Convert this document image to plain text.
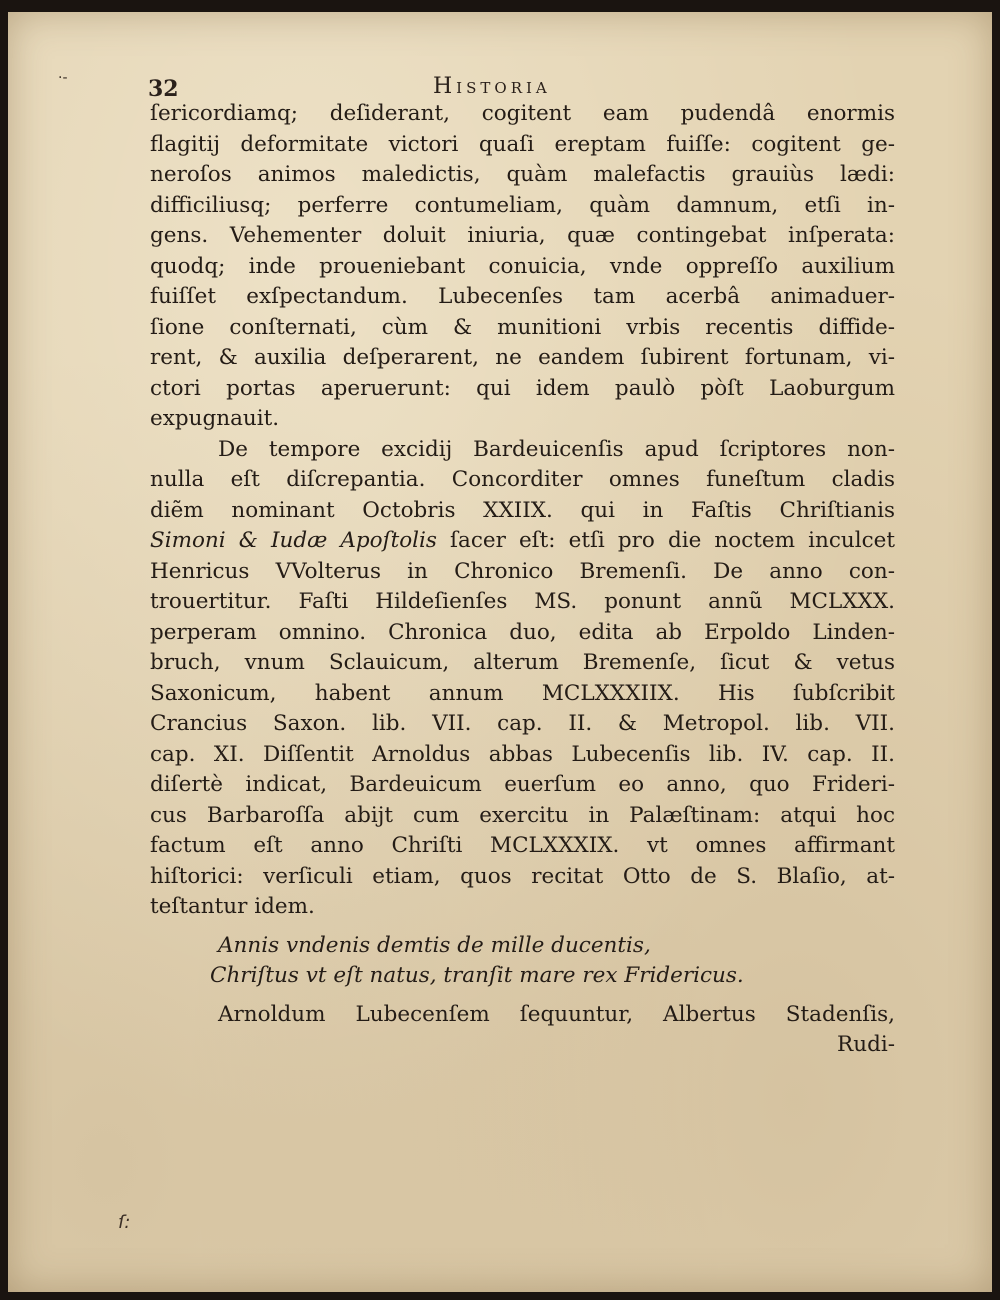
32	Historia
ſericordiamq; deſiderant, cogitent eam pudendâ enormis
flagitij deformitate victori quaſi ereptam fuiſſe: cogitent ge-
neroſos animos maledictis, quàm malefactis grauiùs lædi:
difficiliusq; perferre contumeliam, quàm damnum, etſi in-
gens. Vehementer doluit iniuria, quæ contingebat inſperata:
quodq; inde proueniebant conuicia, vnde oppreſſo auxilium
fuiſſet exſpectandum. Lubecenſes tam acerbâ animaduer-
ſione conſternati, cùm & munitioni vrbis recentis diffide-
rent, & auxilia deſperarent, ne eandem ſubirent fortunam, vi-
ctori portas aperuerunt: qui idem paulò pòſt Laoburgum
expugnauit.
De tempore excidij Bardeuicenſis apud ſcriptores non-
nulla eſt diſcrepantia. Concorditer omnes funeſtum cladis
diẽm nominant Octobris XXIIX. qui in Faſtis Chriſtianis
Simoni & Iudæ Apoſtolis ſacer eſt: etſi pro die noctem inculcet
Henricus VVolterus in Chronico Bremenſi. De anno con-
trouertitur. Faſti Hildeſienſes MS. ponunt annũ MCLXXX.
perperam omnino. Chronica duo, edita ab Erpoldo Linden-
bruch, vnum Sclauicum, alterum Bremenſe, ſicut & vetus
Saxonicum, habent annum MCLXXXIIX. His ſubſcribit
Crancius Saxon. lib. VII. cap. II. & Metropol. lib. VII.
cap. XI. Diſſentit Arnoldus abbas Lubecenſis lib. IV. cap. II.
diſertè indicat, Bardeuicum euerſum eo anno, quo Frideri-
cus Barbaroſſa abijt cum exercitu in Palæſtinam: atqui hoc
factum eſt anno Chriſti MCLXXXIX. vt omnes affirmant
hiſtorici: verſiculi etiam, quos recitat Otto de S. Blaſio, at-
teſtantur idem.
Annis vndenis demtis de mille ducentis,
Chriſtus vt eſt natus, tranſit mare rex Fridericus.
Arnoldum Lubecenſem ſequuntur, Albertus Stadenſis,
Rudi-
·-
ſ:
